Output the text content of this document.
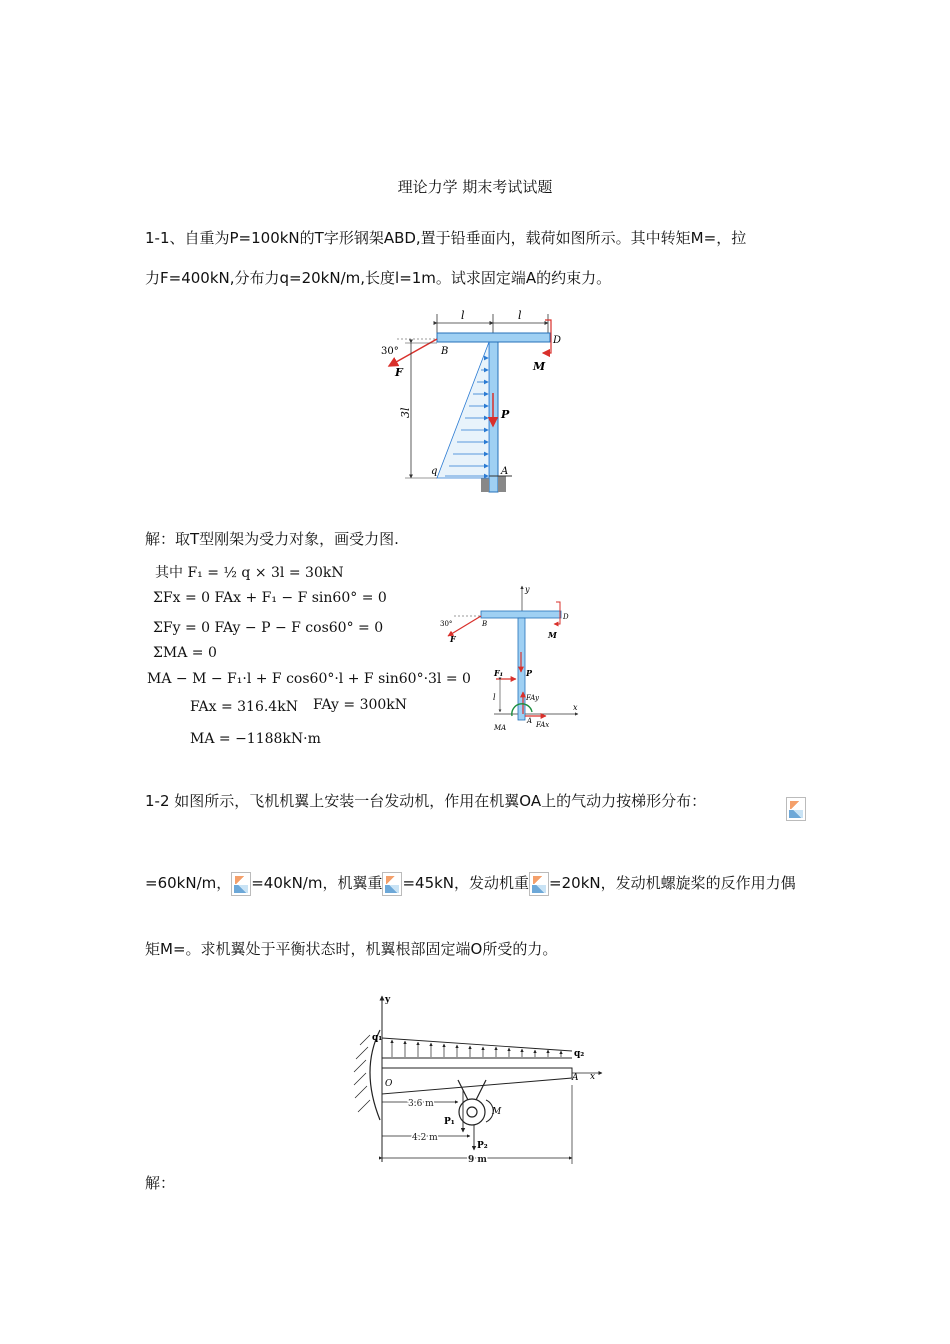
理论力学 期末考试试题
1-1、自重为P=100kN的T字形钢架ABD,置于铅垂面内，载荷如图所示。其中转矩M=，拉
力F=400kN,分布力q=20kN/m,长度l=1m。试求固定端A的约束力。
l	l
P
30°
F
B
D
M
3l
q	A
解：取T型刚架为受力对象，画受力图.
其中 F₁ = ½ q × 3l = 30kN
ΣFx = 0 FAx + F₁ − F sin60° = 0
ΣFy = 0 FAy − P − F cos60° = 0
ΣMA = 0
MA − M − F₁·l + F cos60°·l + F sin60°·3l = 0
FAx = 316.4kN FAy = 300kN
MA = −1188kN·m
y
x
30°
F
B
D
M
F₁	P
FAy
FAx
l
MA
A
1-2 如图所示，飞机机翼上安装一台发动机，作用在机翼OA上的气动力按梯形分布：
=60kN/m， =40kN/m，机翼重 =45kN，发动机重 =20kN，发动机螺旋桨的反作用力偶
矩M=。求机翼处于平衡状态时，机翼根部固定端O所受的力。
y
q₁
q₂
O
A x
M
P₁
P₂
3.6 m
4.2 m
9 m
解：
